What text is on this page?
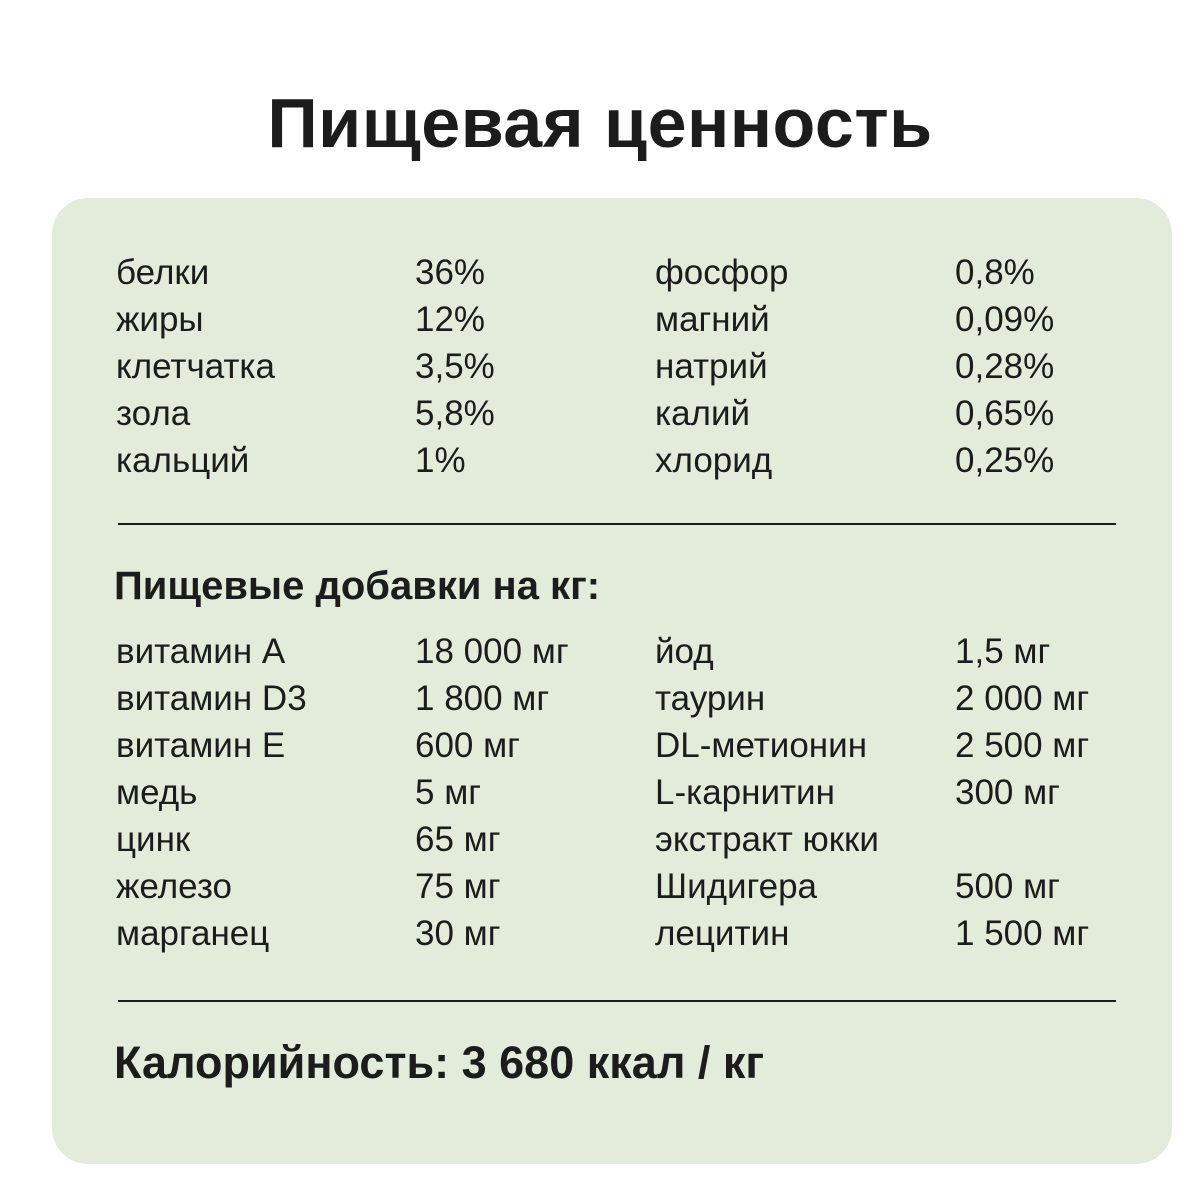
Пищевая ценность
белки	36%	фосфор	0,8%
жиры	12%	магний	0,09%
клетчатка	3,5%	натрий	0,28%
зола	5,8%	калий	0,65%
кальций	1%	хлорид	0,25%
Пищевые добавки на кг:
витамин А	18 000 мг	йод	1,5 мг
витамин D3	1 800 мг	таурин	2 000 мг
витамин Е	600 мг	DL-метионин	2 500 мг
медь	5 мг	L-карнитин	300 мг
цинк	65 мг	экстракт юкки
железо	75 мг	Шидигера	500 мг
марганец	30 мг	лецитин	1 500 мг
Калорийность: 3 680 ккал / кг
